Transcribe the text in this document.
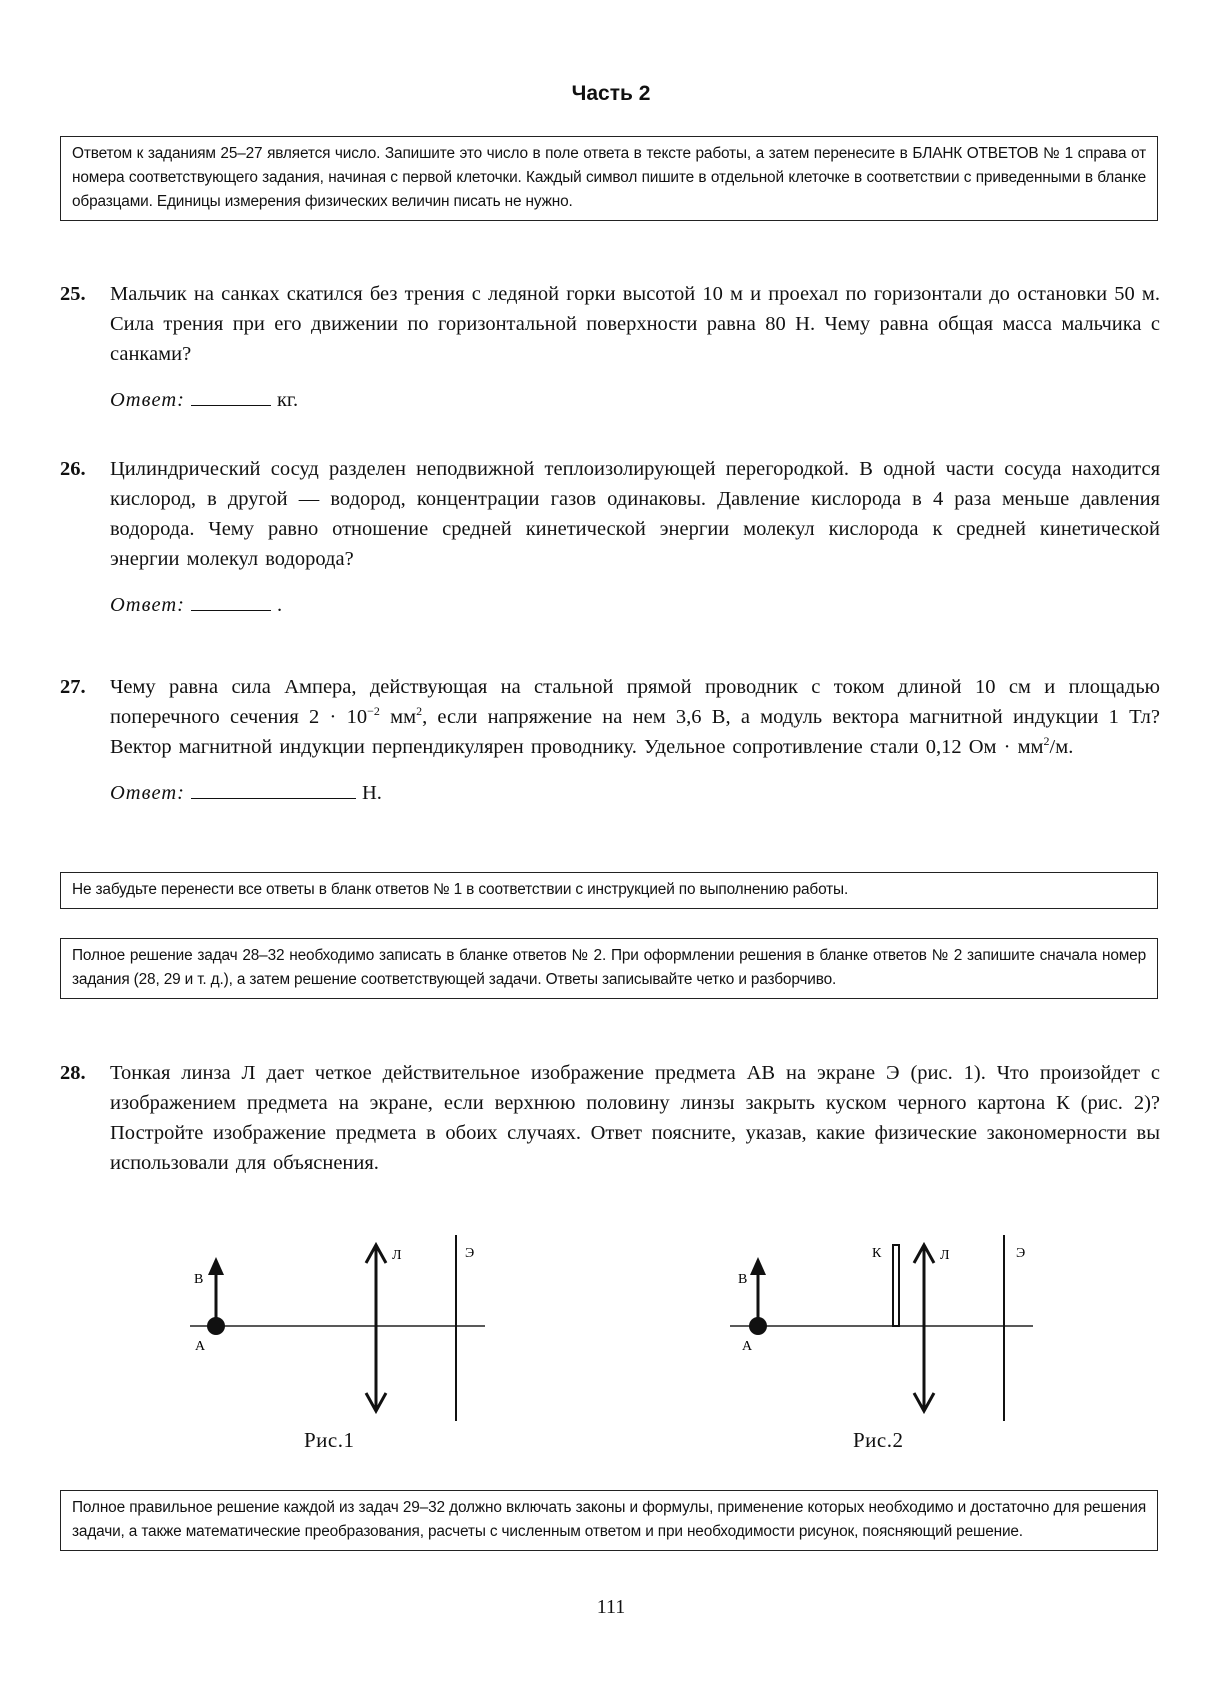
Часть 2
Ответом к заданиям 25–27 является число. Запишите это число в поле ответа в тексте работы, а затем перенесите в БЛАНК ОТВЕТОВ № 1 справа от номера соответствующего задания, начиная с первой клеточки. Каждый символ пишите в отдельной клеточке в соответствии с приведенными в бланке образцами. Единицы измерения физических величин писать не нужно.
25. Мальчик на санках скатился без трения с ледяной горки высотой 10 м и проехал по горизонтали до остановки 50 м. Сила трения при его движении по горизонтальной поверхности равна 80 Н. Чему равна общая масса мальчика с санками?
Ответ:	кг.
26. Цилиндрический сосуд разделен неподвижной теплоизолирующей перегородкой. В одной части сосуда находится кислород, в другой — водород, концентрации газов одинаковы. Давление кислорода в 4 раза меньше давления водорода. Чему равно отношение средней кинетической энергии молекул кислорода к средней кинетической энергии молекул водорода?
Ответ:	.
27. Чему равна сила Ампера, действующая на стальной прямой проводник с током длиной 10 см и площадью поперечного сечения $2 \cdot 10^{-2}$ $мм^2$, если напряжение на нем 3,6 В, а модуль вектора магнитной индукции 1 Тл? Вектор магнитной индукции перпендикулярен проводнику. Удельное сопротивление стали 0,12 Ом · $мм^2/м$.
Ответ:	Н.
Не забудьте перенести все ответы в бланк ответов № 1 в соответствии с инструкцией по выполнению работы.
Полное решение задач 28–32 необходимо записать в бланке ответов № 2. При оформлении решения в бланке ответов № 2 запишите сначала номер задания (28, 29 и т. д.), а затем решение соответствующей задачи. Ответы записывайте четко и разборчиво.
28. Тонкая линза Л дает четкое действительное изображение предмета АВ на экране Э (рис. 1). Что произойдет с изображением предмета на экране, если верхнюю половину линзы закрыть куском черного картона К (рис. 2)? Постройте изображение предмета в обоих случаях. Ответ поясните, указав, какие физические закономерности вы использовали для объяснения.
В
А
Л	Э
Рис.1
В
А
К	Л	Э
Рис.2
Полное правильное решение каждой из задач 29–32 должно включать законы и формулы, применение которых необходимо и достаточно для решения задачи, а также математические преобразования, расчеты с численным ответом и при необходимости рисунок, поясняющий решение.
111
